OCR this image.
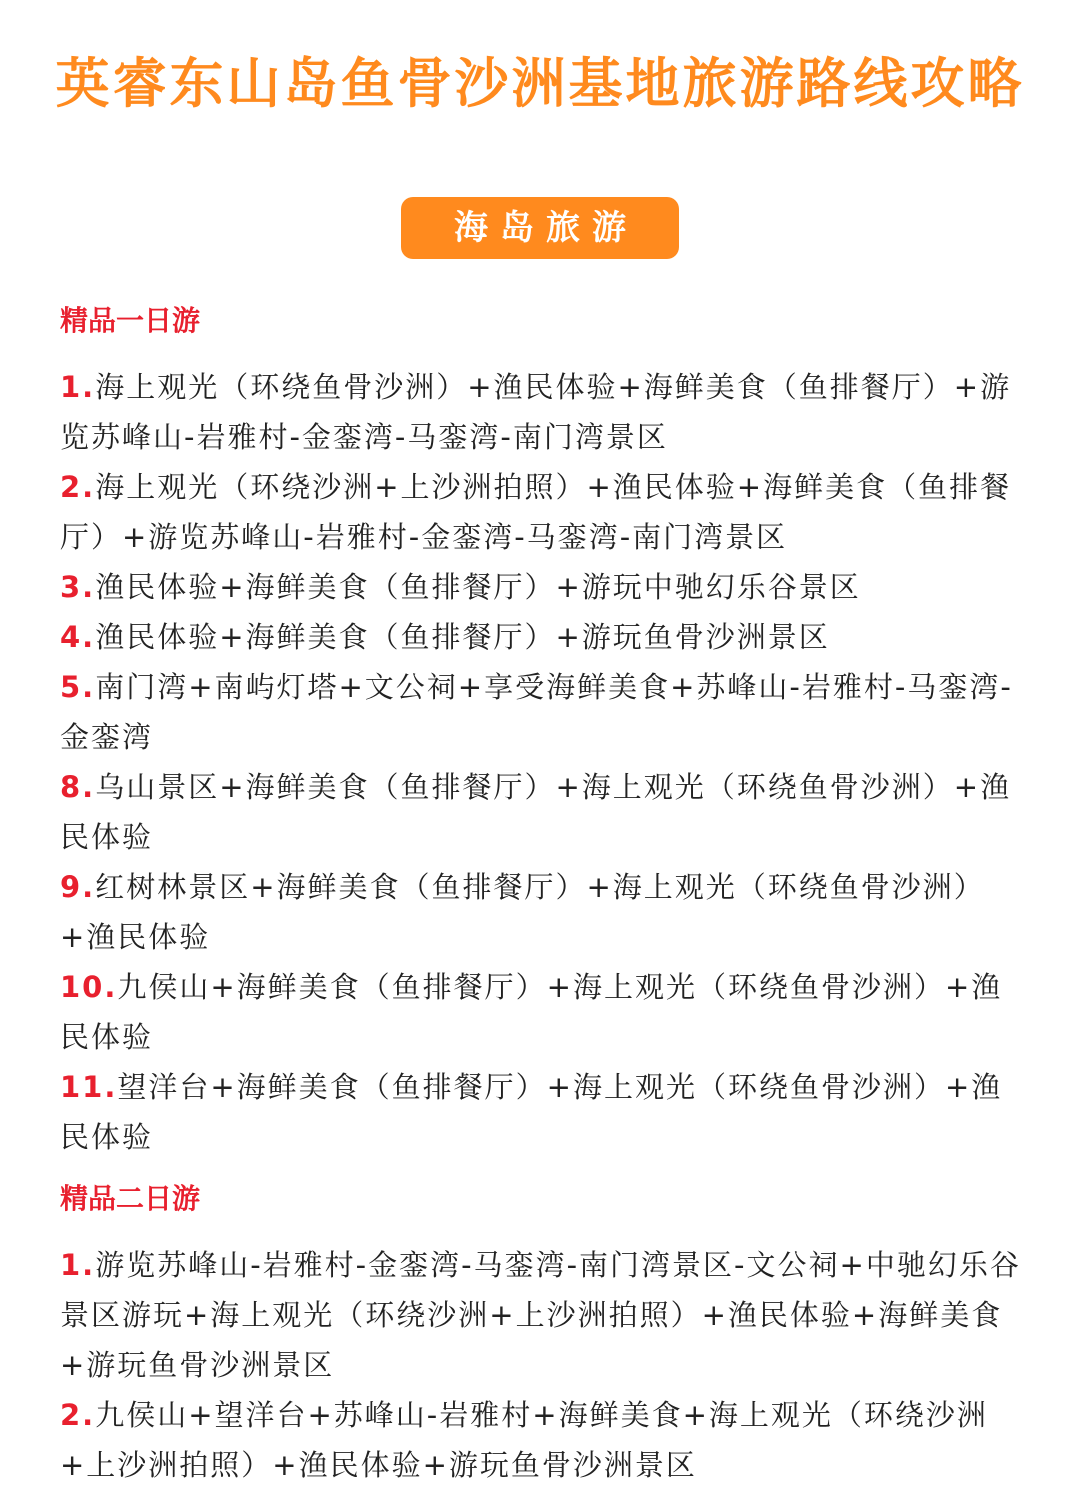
英睿东山岛鱼骨沙洲基地旅游路线攻略
海岛旅游
精品一日游

1.海上观光（环绕鱼骨沙洲）+渔民体验+海鲜美食（鱼排餐厅）+游览苏峰山-岩雅村-金銮湾-马銮湾-南门湾景区

2.海上观光（环绕沙洲+上沙洲拍照）+渔民体验+海鲜美食（鱼排餐厅）+游览苏峰山-岩雅村-金銮湾-马銮湾-南门湾景区

3.渔民体验+海鲜美食（鱼排餐厅）+游玩中驰幻乐谷景区

4.渔民体验+海鲜美食（鱼排餐厅）+游玩鱼骨沙洲景区

5.南门湾+南屿灯塔+文公祠+享受海鲜美食+苏峰山-岩雅村-马銮湾-金銮湾

8.乌山景区+海鲜美食（鱼排餐厅）+海上观光（环绕鱼骨沙洲）+渔民体验

9.红树林景区+海鲜美食（鱼排餐厅）+海上观光（环绕鱼骨沙洲）+渔民体验

10.九侯山+海鲜美食（鱼排餐厅）+海上观光（环绕鱼骨沙洲）+渔民体验

11.望洋台+海鲜美食（鱼排餐厅）+海上观光（环绕鱼骨沙洲）+渔民体验

精品二日游

1.游览苏峰山-岩雅村-金銮湾-马銮湾-南门湾景区-文公祠+中驰幻乐谷景区游玩+海上观光（环绕沙洲+上沙洲拍照）+渔民体验+海鲜美食+游玩鱼骨沙洲景区

2.九侯山+望洋台+苏峰山-岩雅村+海鲜美食+海上观光（环绕沙洲+上沙洲拍照）+渔民体验+游玩鱼骨沙洲景区
